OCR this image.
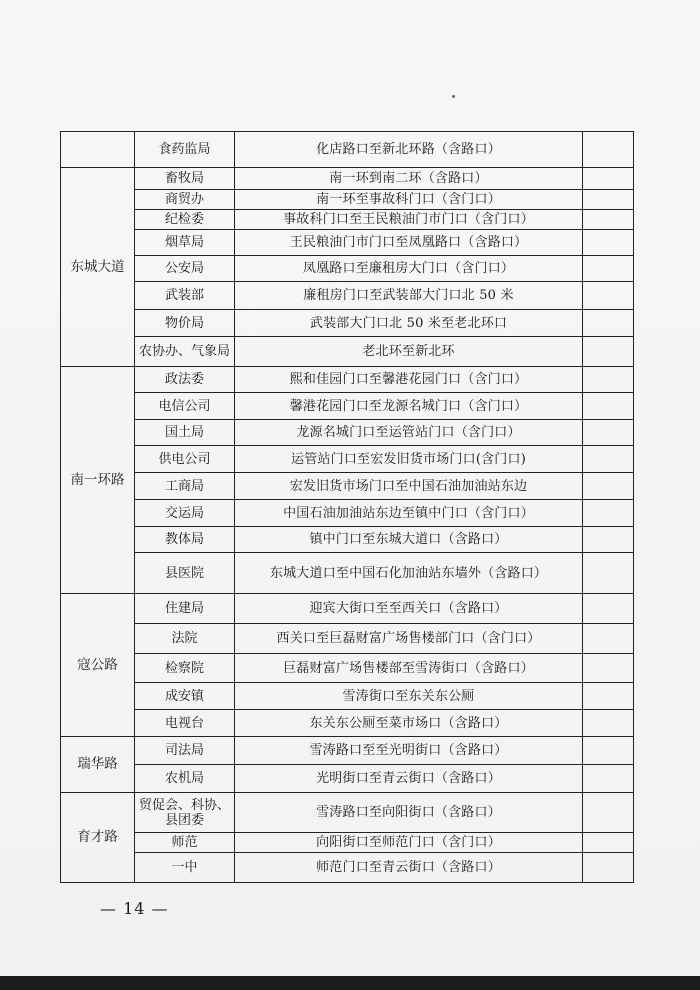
	食药监局	化店路口至新北环路（含路口）	
东城大道	畜牧局	南一环到南二环（含路口）	
	商贸办	南一环至事故科门口（含门口）	
	纪检委	事故科门口至王民粮油门市门口（含门口）	
	烟草局	王民粮油门市门口至凤凰路口（含路口）	
	公安局	凤凰路口至廉租房大门口（含门口）	
	武装部	廉租房门口至武装部大门口北 50 米	
	物价局	武装部大门口北 50 米至老北环口	
	农协办、气象局	老北环至新北环	
南一环路	政法委	熙和佳园门口至馨港花园门口（含门口）	
	电信公司	馨港花园门口至龙源名城门口（含门口）	
	国土局	龙源名城门口至运管站门口（含门口）	
	供电公司	运管站门口至宏发旧货市场门口(含门口)	
	工商局	宏发旧货市场门口至中国石油加油站东边	
	交运局	中国石油加油站东边至镇中门口（含门口）	
	教体局	镇中门口至东城大道口（含路口）	
	县医院	东城大道口至中国石化加油站东墙外（含路口）	
寇公路	住建局	迎宾大街口至至西关口（含路口）	
	法院	西关口至巨磊财富广场售楼部门口（含门口）	
	检察院	巨磊财富广场售楼部至雪涛街口（含路口）	
	成安镇	雪涛街口至东关东公厕	
	电视台	东关东公厕至菜市场口（含路口）	
瑞华路	司法局	雪涛路口至至光明街口（含路口）	
	农机局	光明街口至青云街口（含路口）	
育才路	贸促会、科协、县团委	雪涛路口至向阳街口（含路口）	
	师范	向阳街口至师范门口（含门口）	
	一中	师范门口至青云街口（含路口）	
— 14 —
